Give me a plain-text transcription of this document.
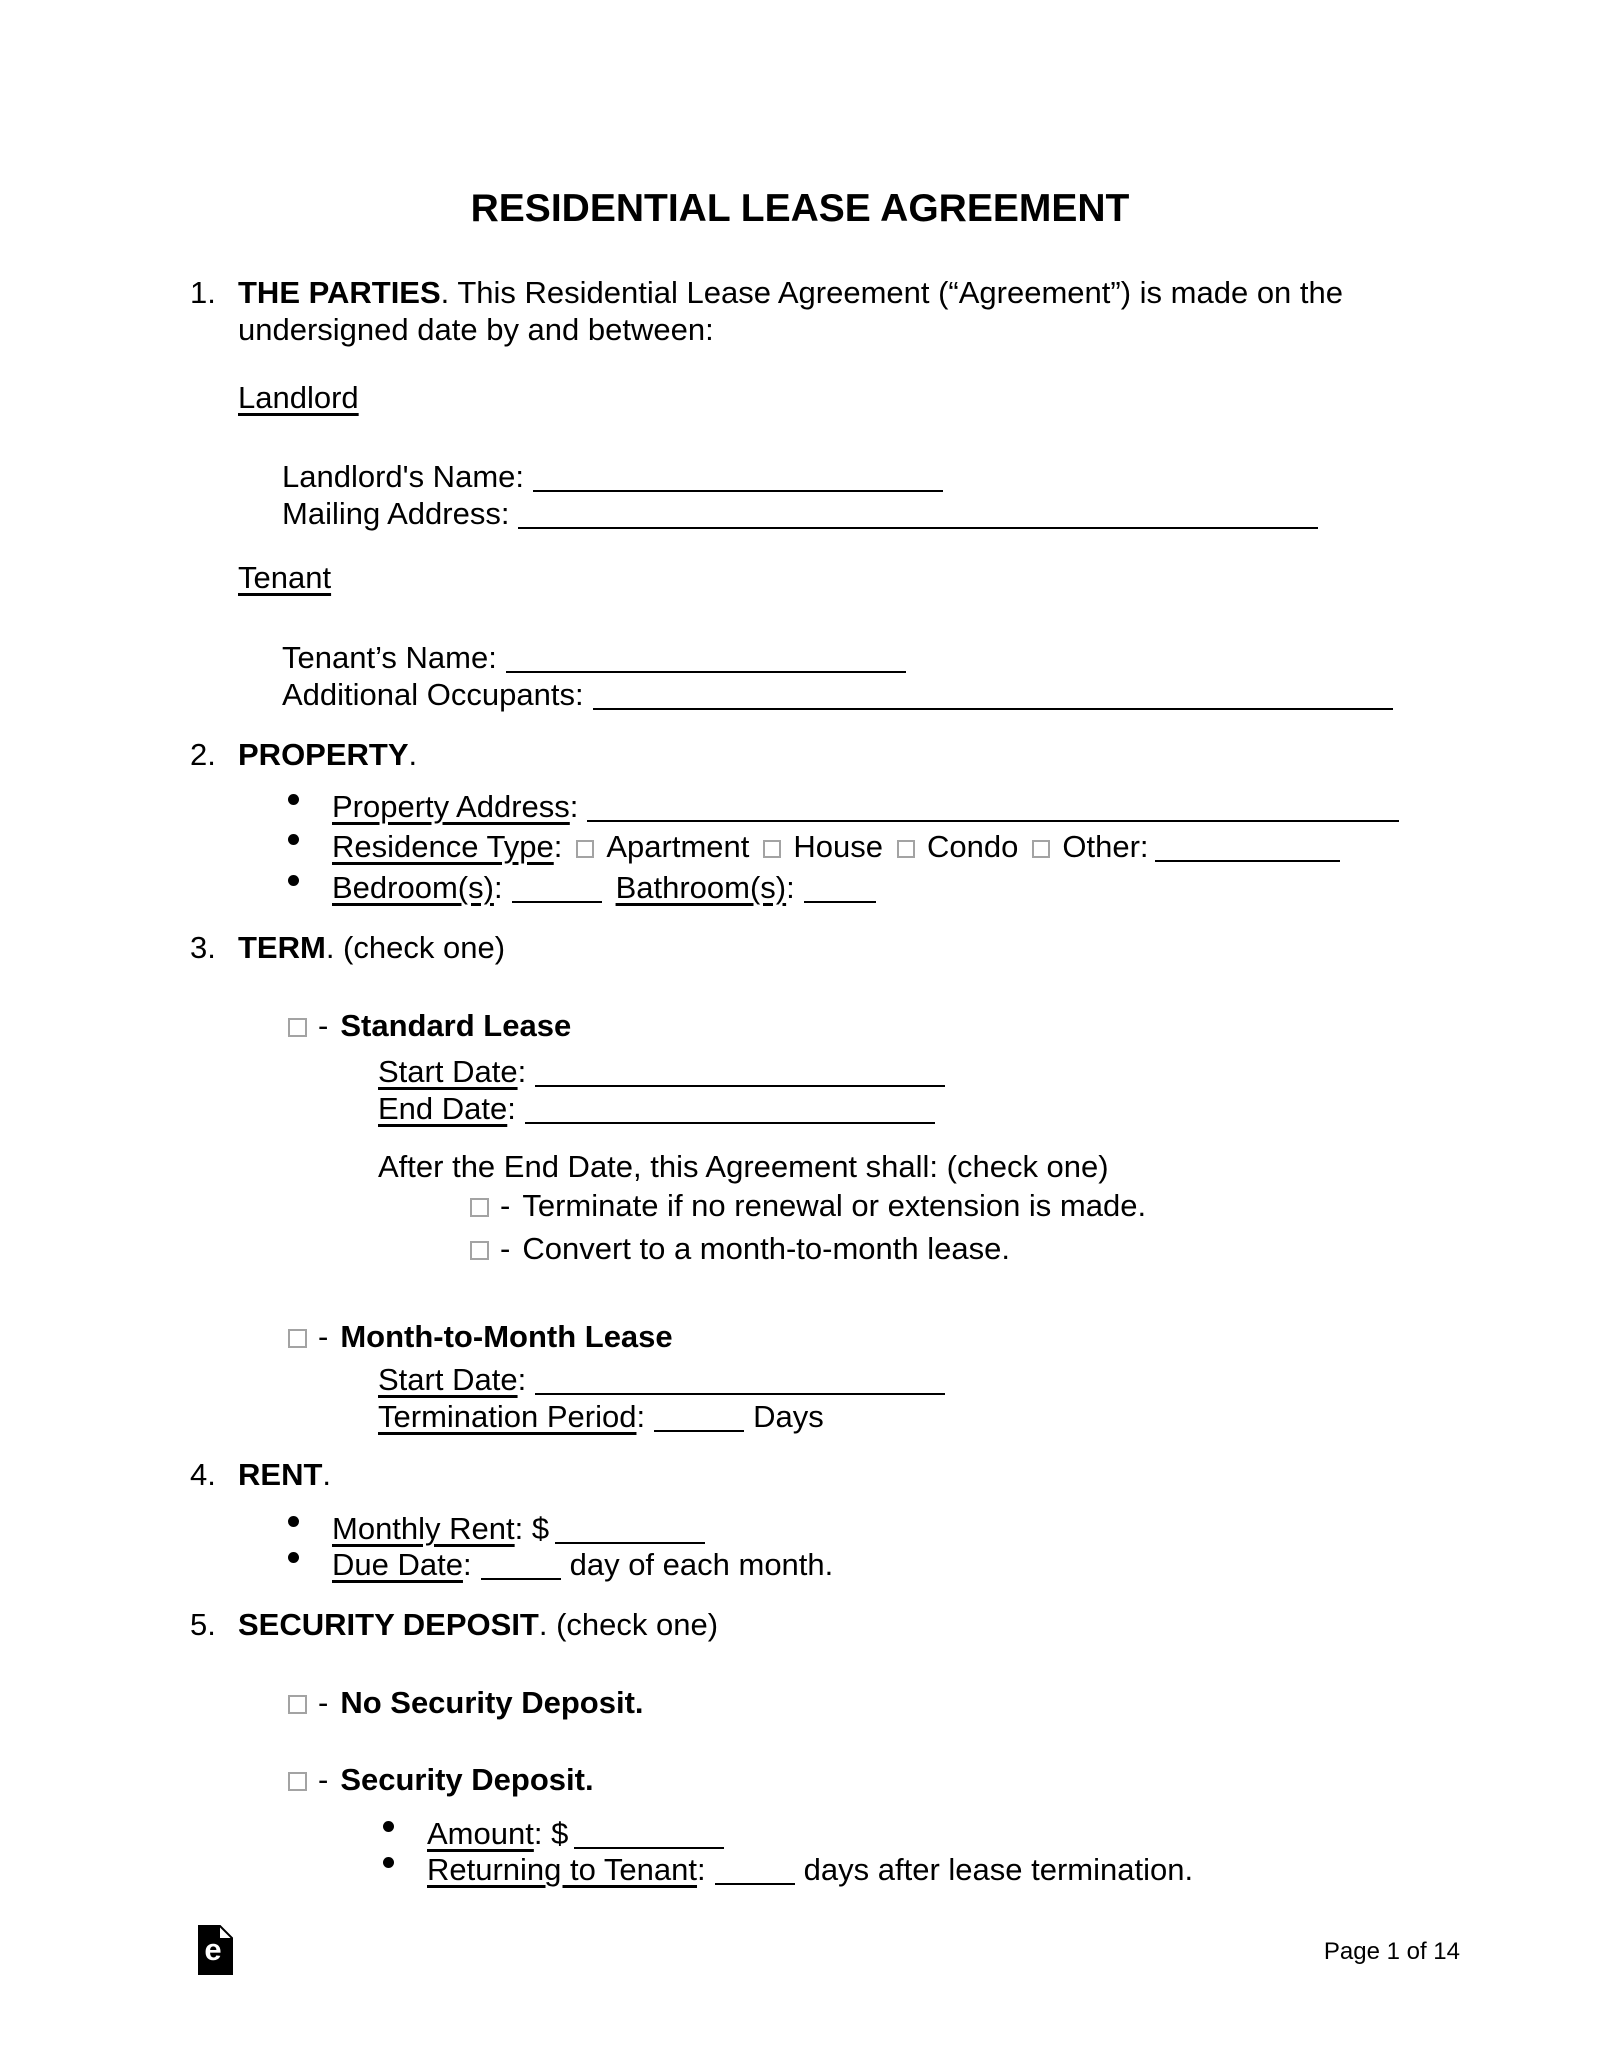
RESIDENTIAL LEASE AGREEMENT
1. THE PARTIES. This Residential Lease Agreement (“Agreement”) is made on the
undersigned date by and between:
Landlord
Landlord's Name:
Mailing Address:
Tenant
Tenant’s Name:
Additional Occupants:
2. PROPERTY.
Property Address:
Residence Type: Apartment House Condo Other:
Bedroom(s):	Bathroom(s):
3. TERM. (check one)
- Standard Lease
Start Date:
End Date:
After the End Date, this Agreement shall: (check one)
- Terminate if no renewal or extension is made.
- Convert to a month-to-month lease.
- Month-to-Month Lease
Start Date:
Termination Period:	Days
4. RENT.
Monthly Rent: $
Due Date:	day of each month.
5. SECURITY DEPOSIT. (check one)
- No Security Deposit.
- Security Deposit.
Amount: $
Returning to Tenant:	days after lease termination.
e	Page 1 of 14
